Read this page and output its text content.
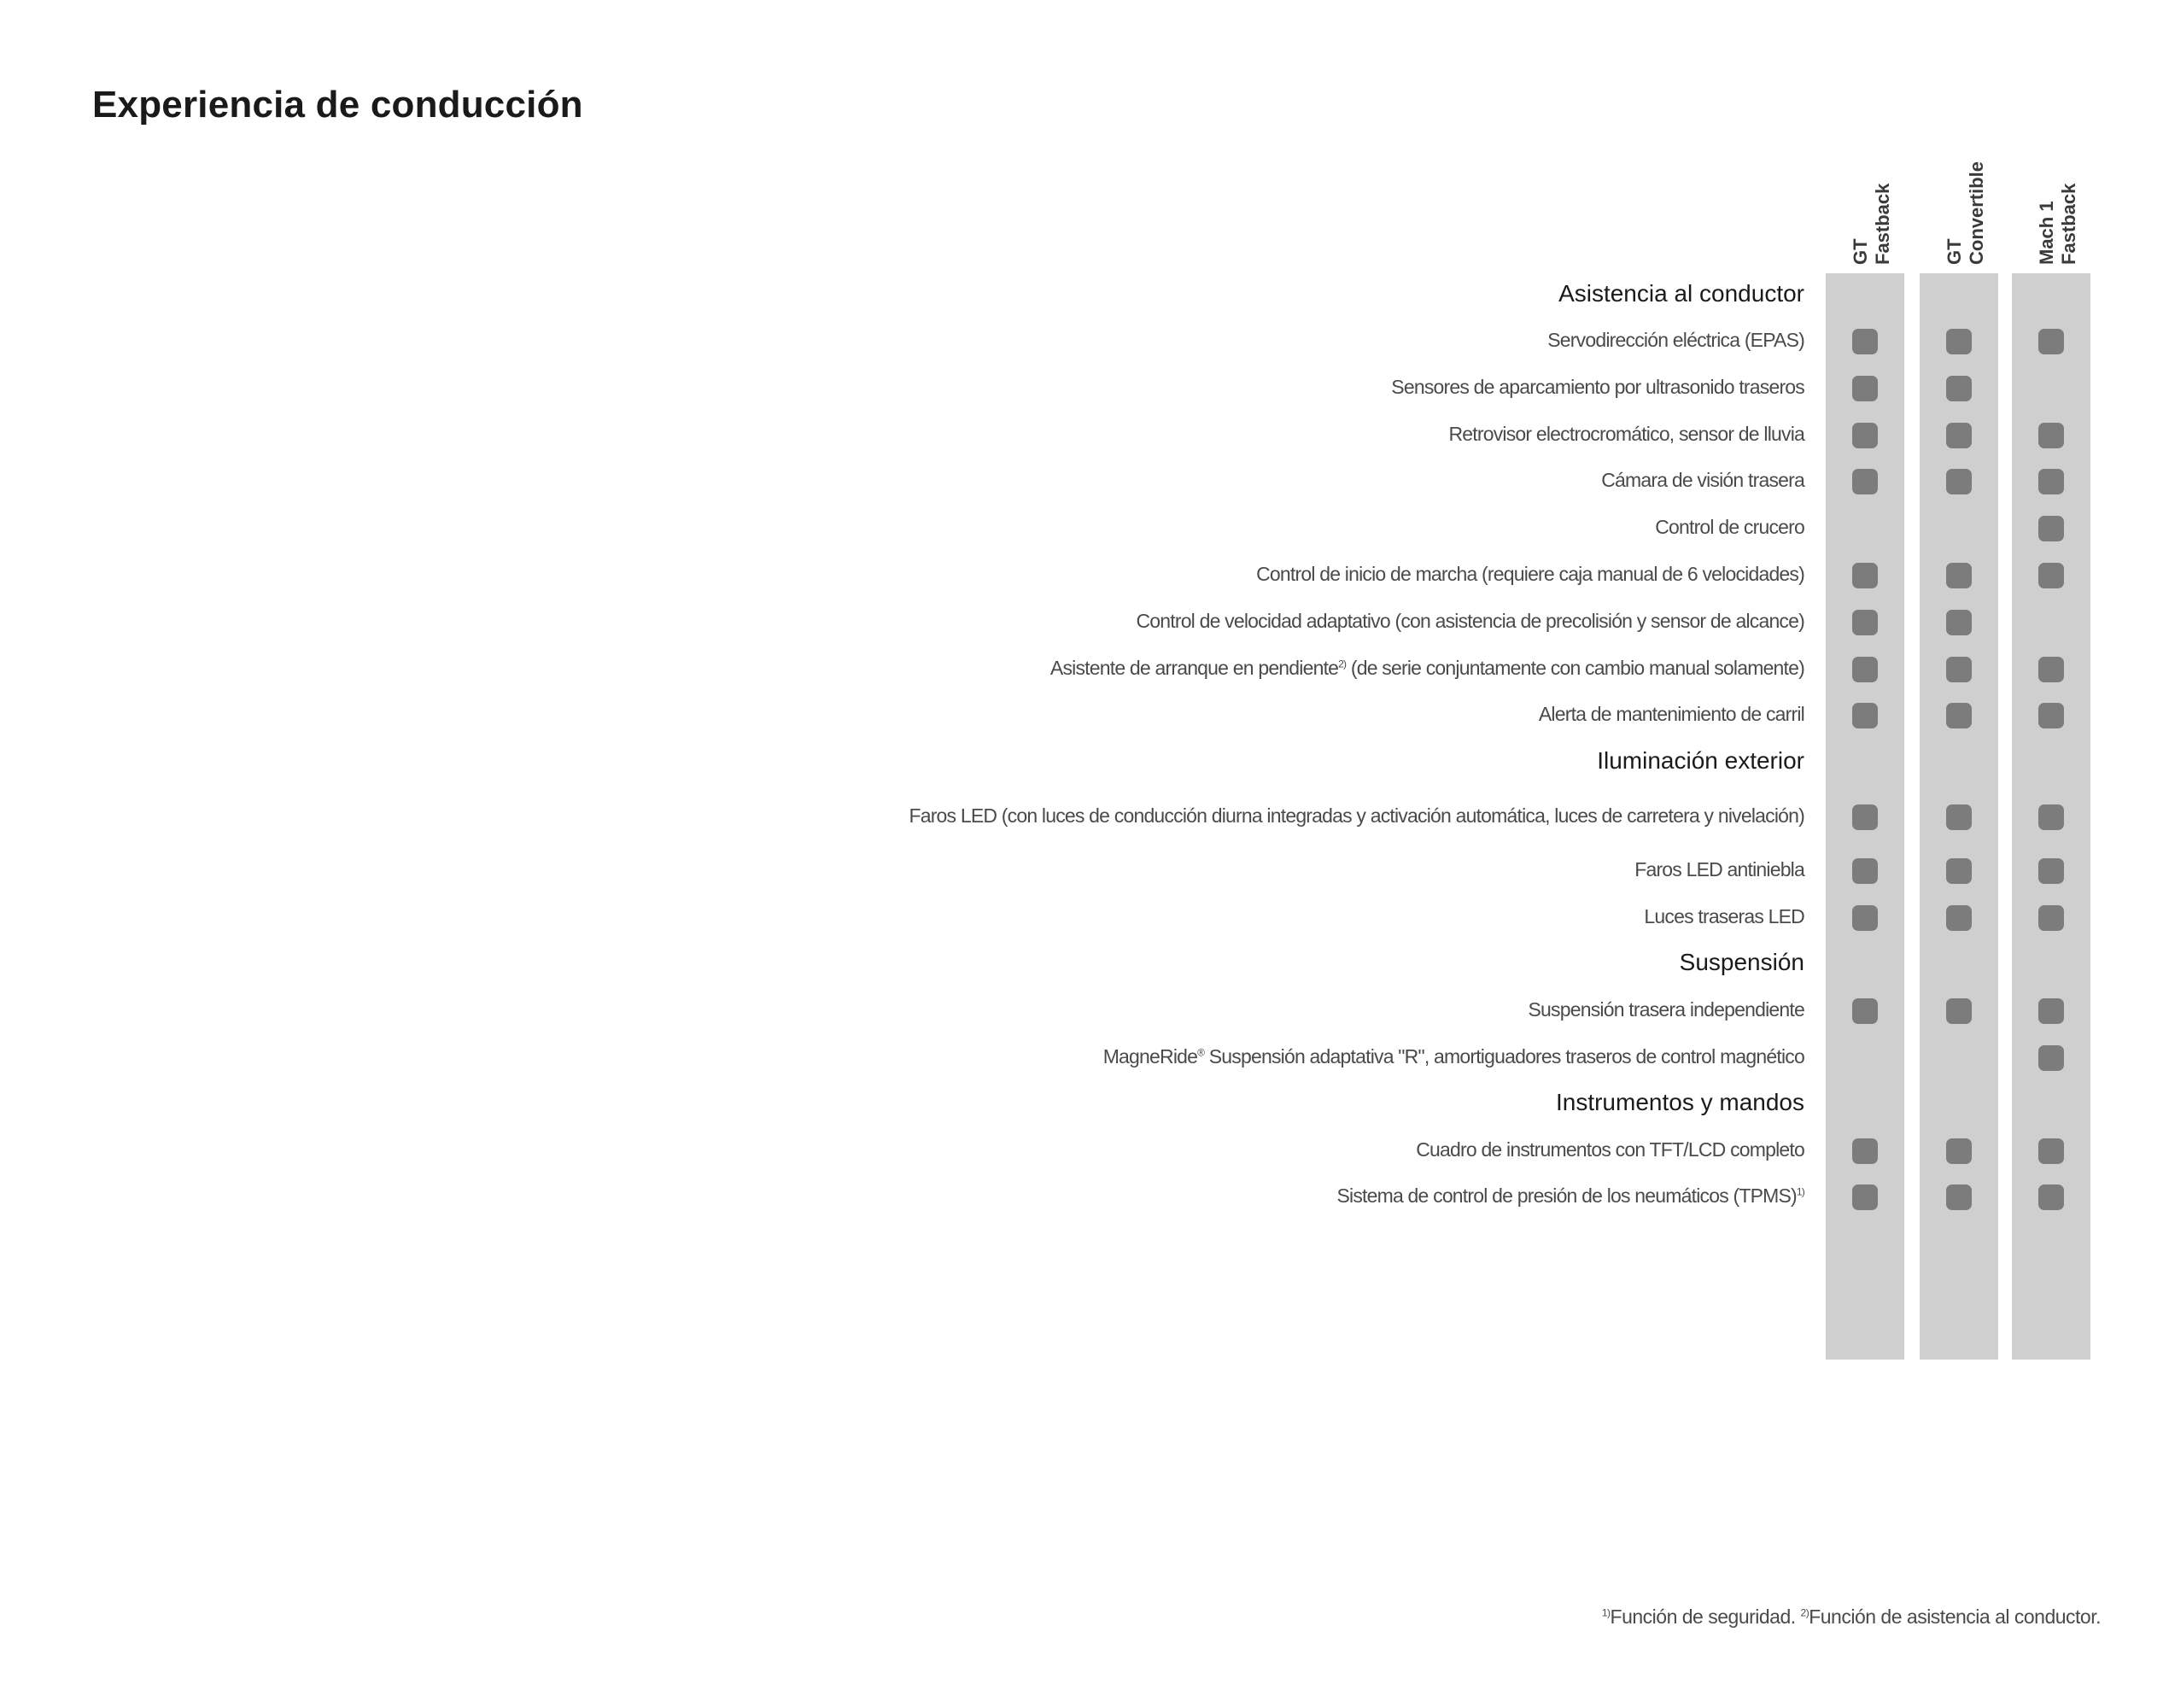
Experiencia de conducción
GT Fastback	GT Convertible	Mach 1 Fastback
Asistencia al conductor
Servodirección eléctrica (EPAS)
Sensores de aparcamiento por ultrasonido traseros
Retrovisor electrocromático, sensor de lluvia
Cámara de visión trasera
Control de crucero
Control de inicio de marcha (requiere caja manual de 6 velocidades)
Control de velocidad adaptativo (con asistencia de precolisión y sensor de alcance)
Asistente de arranque en pendiente$^{2)}$ (de serie conjuntamente con cambio manual solamente)
Alerta de mantenimiento de carril
Iluminación exterior
Faros LED (con luces de conducción diurna integradas y activación automática, luces de carretera y nivelación)
Faros LED antiniebla
Luces traseras LED
Suspensión
Suspensión trasera independiente
MagneRide® Suspensión adaptativa "R", amortiguadores traseros de control magnético
Instrumentos y mandos
Cuadro de instrumentos con TFT/LCD completo
Sistema de control de presión de los neumáticos (TPMS)$^{1)}$
$^{1)}$Función de seguridad. $^{2)}$Función de asistencia al conductor.
